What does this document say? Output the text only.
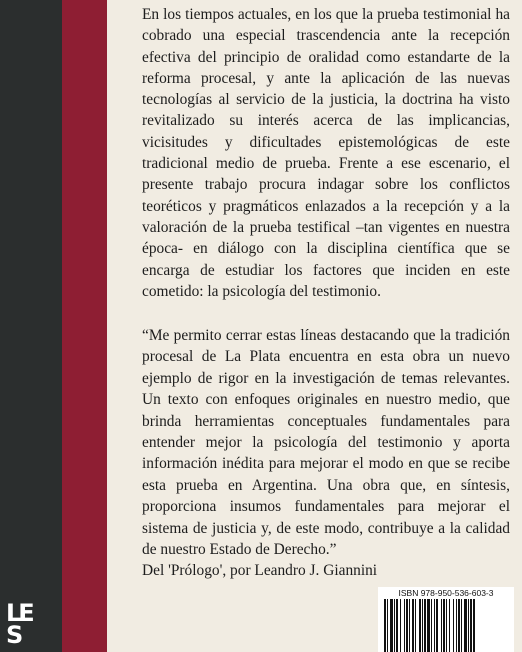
LE
S

En los tiempos actuales, en los que la prueba testimonial ha cobrado una especial trascendencia ante la recepción efectiva del principio de oralidad como estandarte de la reforma procesal, y ante la aplicación de las nuevas tecnologías al servicio de la justicia, la doctrina ha visto revitalizado su interés acerca de las implicancias, vicisitudes y dificultades epistemológicas de este tradicional medio de prueba. Frente a ese escenario, el presente trabajo procura indagar sobre los conflictos teoréticos y pragmáticos enlazados a la recepción y a la valoración de la prueba testifical –tan vigentes en nuestra época- en diálogo con la disciplina científica que se encarga de estudiar los factores que inciden en este cometido: la psicología del testimonio.

“Me permito cerrar estas líneas destacando que la tradición procesal de La Plata encuentra en esta obra un nuevo ejemplo de rigor en la investigación de temas relevantes. Un texto con enfoques originales en nuestro medio, que brinda herramientas conceptuales fundamentales para entender mejor la psicología del testimonio y aporta información inédita para mejorar el modo en que se recibe esta prueba en Argentina. Una obra que, en síntesis, proporciona insumos fundamentales para mejorar el sistema de justicia y, de este modo, contribuye a la calidad de nuestro Estado de Derecho.”
Del 'Prólogo', por Leandro J. Giannini
ISBN 978-950-536-603-3
